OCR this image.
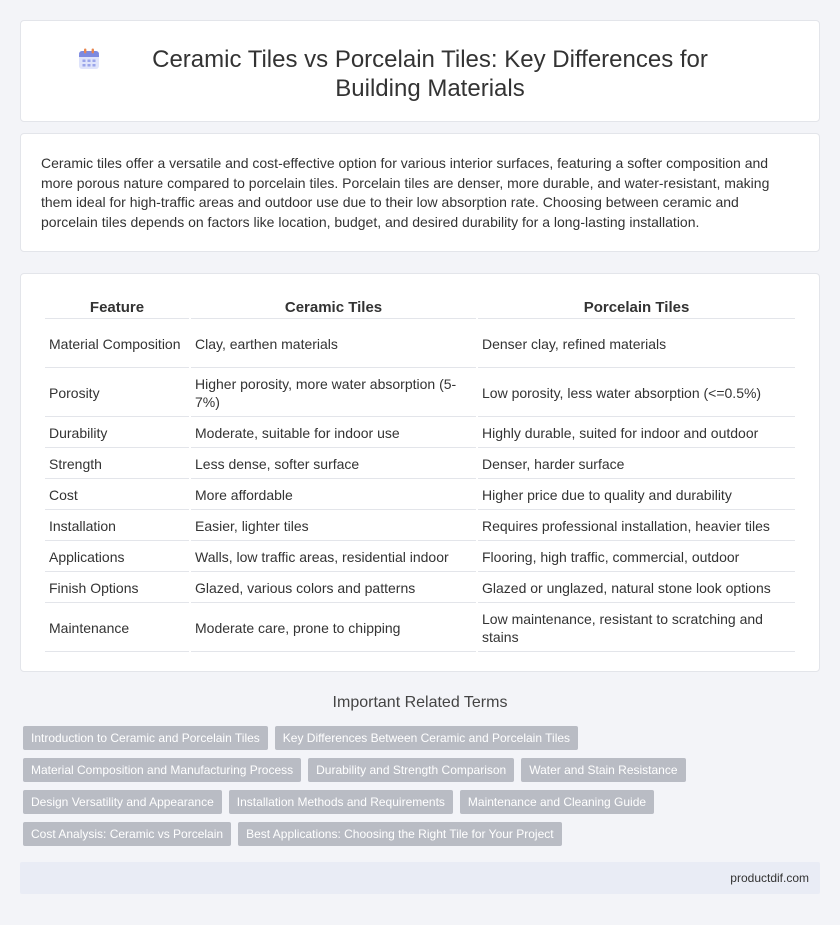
Ceramic Tiles vs Porcelain Tiles: Key Differences for Building Materials

Ceramic tiles offer a versatile and cost-effective option for various interior surfaces, featuring a softer composition and more porous nature compared to porcelain tiles. Porcelain tiles are denser, more durable, and water-resistant, making them ideal for high-traffic areas and outdoor use due to their low absorption rate. Choosing between ceramic and porcelain tiles depends on factors like location, budget, and desired durability for a long-lasting installation.

Feature	Ceramic Tiles	Porcelain Tiles
Material Composition	Clay, earthen materials	Denser clay, refined materials
Porosity	Higher porosity, more water absorption (5-7%)	Low porosity, less water absorption (<=0.5%)
Durability	Moderate, suitable for indoor use	Highly durable, suited for indoor and outdoor
Strength	Less dense, softer surface	Denser, harder surface
Cost	More affordable	Higher price due to quality and durability
Installation	Easier, lighter tiles	Requires professional installation, heavier tiles
Applications	Walls, low traffic areas, residential indoor	Flooring, high traffic, commercial, outdoor
Finish Options	Glazed, various colors and patterns	Glazed or unglazed, natural stone look options
Maintenance	Moderate care, prone to chipping	Low maintenance, resistant to scratching and stains
Important Related Terms
Introduction to Ceramic and Porcelain Tiles	Key Differences Between Ceramic and Porcelain Tiles
Material Composition and Manufacturing Process	Durability and Strength Comparison	Water and Stain Resistance
Design Versatility and Appearance	Installation Methods and Requirements	Maintenance and Cleaning Guide
Cost Analysis: Ceramic vs Porcelain	Best Applications: Choosing the Right Tile for Your Project
productdif.com
